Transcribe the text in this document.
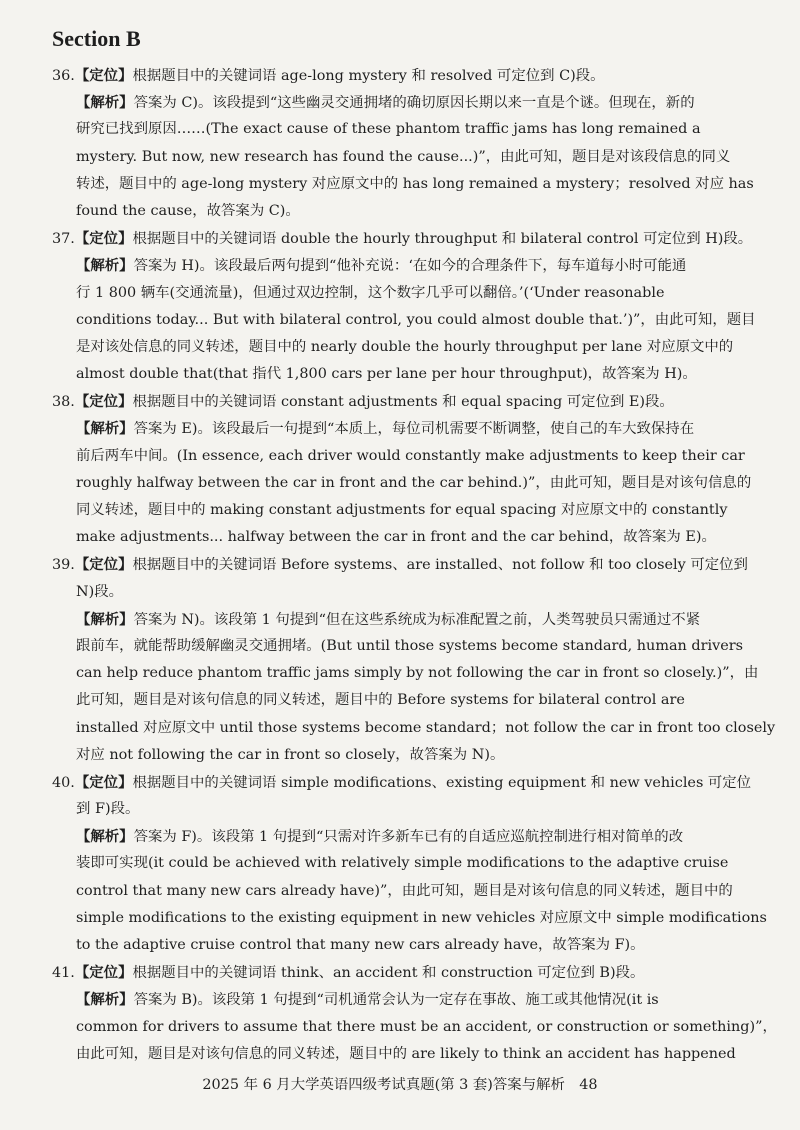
Section B
36.【定位】根据题目中的关键词语 age-long mystery 和 resolved 可定位到 C)段。
【解析】答案为 C)。该段提到“这些幽灵交通拥堵的确切原因长期以来一直是个谜。但现在，新的
研究已找到原因……(The exact cause of these phantom traffic jams has long remained a
mystery. But now, new research has found the cause...)”，由此可知，题目是对该段信息的同义
转述，题目中的 age-long mystery 对应原文中的 has long remained a mystery；resolved 对应 has
found the cause，故答案为 C)。
37.【定位】根据题目中的关键词语 double the hourly throughput 和 bilateral control 可定位到 H)段。
【解析】答案为 H)。该段最后两句提到“他补充说：‘在如今的合理条件下，每车道每小时可能通
行 1 800 辆车(交通流量)，但通过双边控制，这个数字几乎可以翻倍。’(‘Under reasonable
conditions today... But with bilateral control, you could almost double that.’)”，由此可知，题目
是对该处信息的同义转述，题目中的 nearly double the hourly throughput per lane 对应原文中的
almost double that(that 指代 1,800 cars per lane per hour throughput)，故答案为 H)。
38.【定位】根据题目中的关键词语 constant adjustments 和 equal spacing 可定位到 E)段。
【解析】答案为 E)。该段最后一句提到“本质上，每位司机需要不断调整，使自己的车大致保持在
前后两车中间。(In essence, each driver would constantly make adjustments to keep their car
roughly halfway between the car in front and the car behind.)”，由此可知，题目是对该句信息的
同义转述，题目中的 making constant adjustments for equal spacing 对应原文中的 constantly
make adjustments... halfway between the car in front and the car behind，故答案为 E)。
39.【定位】根据题目中的关键词语 Before systems、are installed、not follow 和 too closely 可定位到
N)段。
【解析】答案为 N)。该段第 1 句提到“但在这些系统成为标准配置之前，人类驾驶员只需通过不紧
跟前车，就能帮助缓解幽灵交通拥堵。(But until those systems become standard, human drivers
can help reduce phantom traffic jams simply by not following the car in front so closely.)”，由
此可知，题目是对该句信息的同义转述，题目中的 Before systems for bilateral control are
installed 对应原文中 until those systems become standard；not follow the car in front too closely
对应 not following the car in front so closely，故答案为 N)。
40.【定位】根据题目中的关键词语 simple modifications、existing equipment 和 new vehicles 可定位
到 F)段。
【解析】答案为 F)。该段第 1 句提到“只需对许多新车已有的自适应巡航控制进行相对简单的改
装即可实现(it could be achieved with relatively simple modifications to the adaptive cruise
control that many new cars already have)”，由此可知，题目是对该句信息的同义转述，题目中的
simple modifications to the existing equipment in new vehicles 对应原文中 simple modifications
to the adaptive cruise control that many new cars already have，故答案为 F)。
41.【定位】根据题目中的关键词语 think、an accident 和 construction 可定位到 B)段。
【解析】答案为 B)。该段第 1 句提到“司机通常会认为一定存在事故、施工或其他情况(it is
common for drivers to assume that there must be an accident, or construction or something)”，
由此可知，题目是对该句信息的同义转述，题目中的 are likely to think an accident has happened
2025 年 6 月大学英语四级考试真题(第 3 套)答案与解析　48
